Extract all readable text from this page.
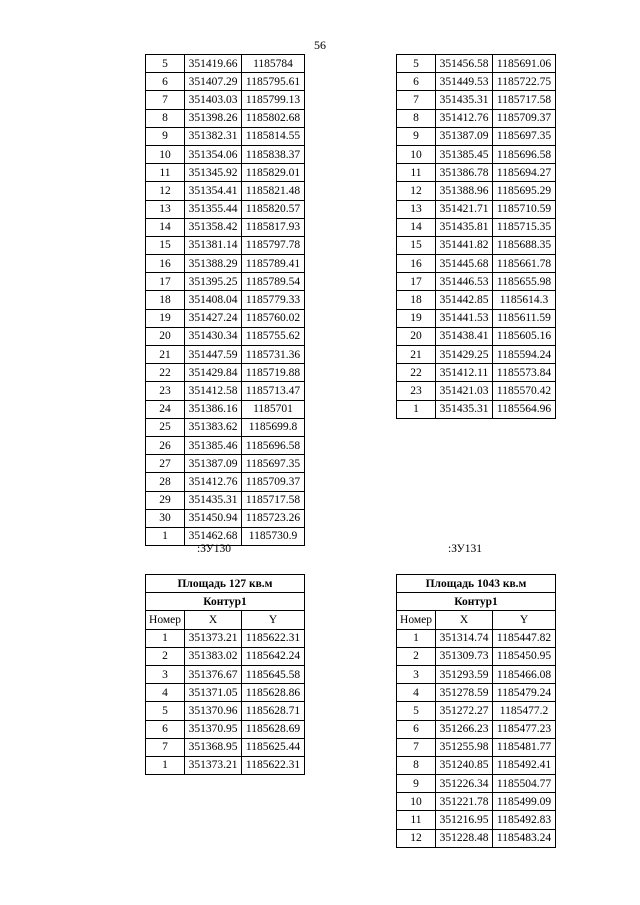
56
5	351419.66	1185784
6	351407.29	1185795.61
7	351403.03	1185799.13
8	351398.26	1185802.68
9	351382.31	1185814.55
10	351354.06	1185838.37
11	351345.92	1185829.01
12	351354.41	1185821.48
13	351355.44	1185820.57
14	351358.42	1185817.93
15	351381.14	1185797.78
16	351388.29	1185789.41
17	351395.25	1185789.54
18	351408.04	1185779.33
19	351427.24	1185760.02
20	351430.34	1185755.62
21	351447.59	1185731.36
22	351429.84	1185719.88
23	351412.58	1185713.47
24	351386.16	1185701
25	351383.62	1185699.8
26	351385.46	1185696.58
27	351387.09	1185697.35
28	351412.76	1185709.37
29	351435.31	1185717.58
30	351450.94	1185723.26
1	351462.68	1185730.9
5	351456.58	1185691.06
6	351449.53	1185722.75
7	351435.31	1185717.58
8	351412.76	1185709.37
9	351387.09	1185697.35
10	351385.45	1185696.58
11	351386.78	1185694.27
12	351388.96	1185695.29
13	351421.71	1185710.59
14	351435.81	1185715.35
15	351441.82	1185688.35
16	351445.68	1185661.78
17	351446.53	1185655.98
18	351442.85	1185614.3
19	351441.53	1185611.59
20	351438.41	1185605.16
21	351429.25	1185594.24
22	351412.11	1185573.84
23	351421.03	1185570.42
1	351435.31	1185564.96
:ЗУ130	:ЗУ131
Площадь 127 кв.м		
Контур1		
Номер	X	Y
1	351373.21	1185622.31
2	351383.02	1185642.24
3	351376.67	1185645.58
4	351371.05	1185628.86
5	351370.96	1185628.71
6	351370.95	1185628.69
7	351368.95	1185625.44
1	351373.21	1185622.31
Площадь 1043 кв.м		
Контур1		
Номер	X	Y
1	351314.74	1185447.82
2	351309.73	1185450.95
3	351293.59	1185466.08
4	351278.59	1185479.24
5	351272.27	1185477.2
6	351266.23	1185477.23
7	351255.98	1185481.77
8	351240.85	1185492.41
9	351226.34	1185504.77
10	351221.78	1185499.09
11	351216.95	1185492.83
12	351228.48	1185483.24
